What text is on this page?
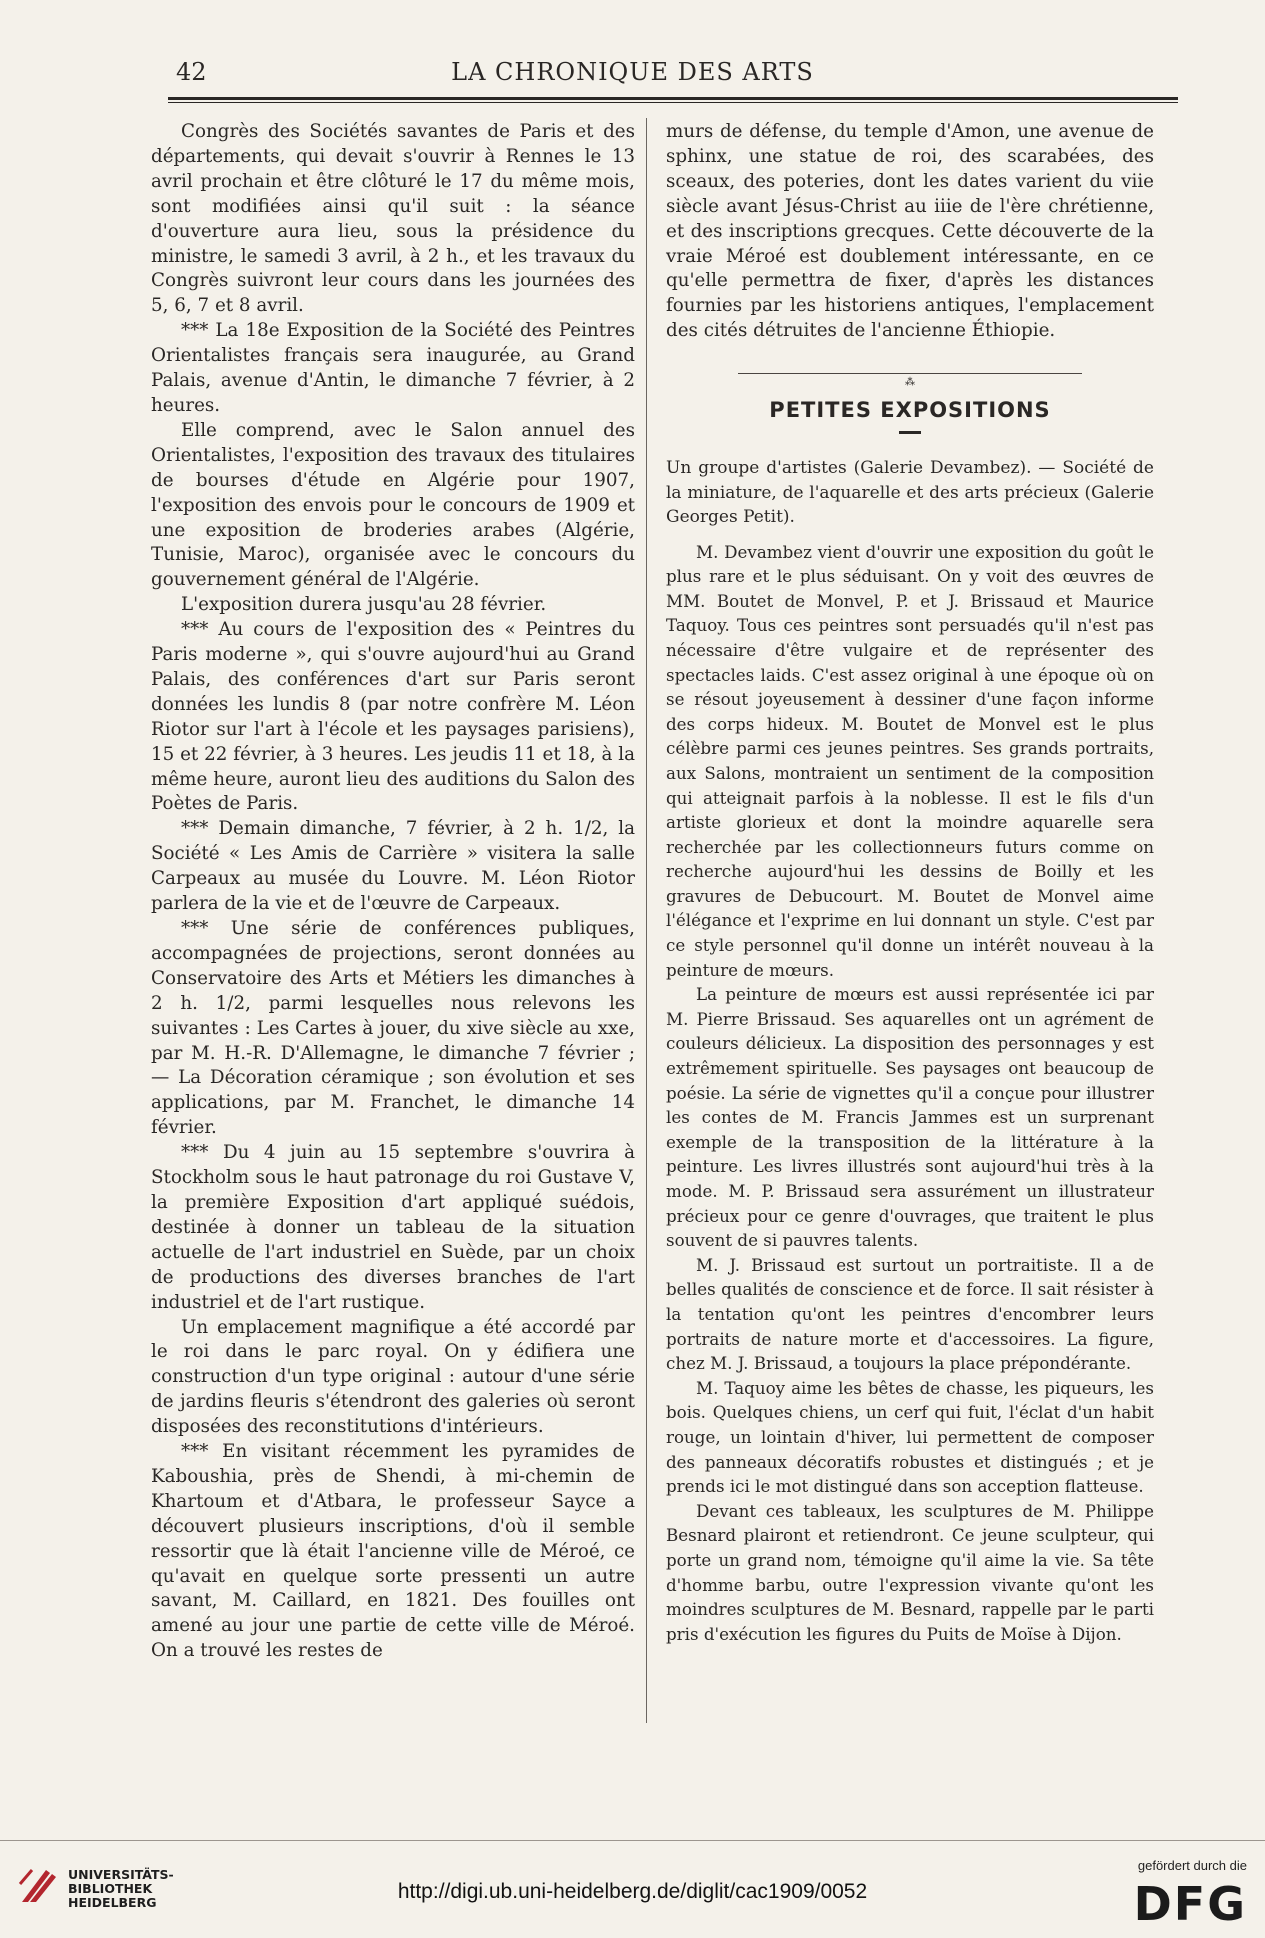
42	LA CHRONIQUE DES ARTS

Congrès des Sociétés savantes de Paris et des départements, qui devait s'ouvrir à Rennes le 13 avril prochain et être clôturé le 17 du même mois, sont modifiées ainsi qu'il suit : la séance d'ouverture aura lieu, sous la présidence du ministre, le samedi 3 avril, à 2 h., et les travaux du Congrès suivront leur cours dans les journées des 5, 6, 7 et 8 avril.

*** La 18e Exposition de la Société des Peintres Orientalistes français sera inaugurée, au Grand Palais, avenue d'Antin, le dimanche 7 février, à 2 heures.

Elle comprend, avec le Salon annuel des Orientalistes, l'exposition des travaux des titulaires de bourses d'étude en Algérie pour 1907, l'exposition des envois pour le concours de 1909 et une exposition de broderies arabes (Algérie, Tunisie, Maroc), organisée avec le concours du gouvernement général de l'Algérie.

L'exposition durera jusqu'au 28 février.

*** Au cours de l'exposition des « Peintres du Paris moderne », qui s'ouvre aujourd'hui au Grand Palais, des conférences d'art sur Paris seront données les lundis 8 (par notre confrère M. Léon Riotor sur l'art à l'école et les paysages parisiens), 15 et 22 février, à 3 heures. Les jeudis 11 et 18, à la même heure, auront lieu des auditions du Salon des Poètes de Paris.

*** Demain dimanche, 7 février, à 2 h. 1/2, la Société « Les Amis de Carrière » visitera la salle Carpeaux au musée du Louvre. M. Léon Riotor parlera de la vie et de l'œuvre de Carpeaux.

*** Une série de conférences publiques, accompagnées de projections, seront données au Conservatoire des Arts et Métiers les dimanches à 2 h. 1/2, parmi lesquelles nous relevons les suivantes : Les Cartes à jouer, du xive siècle au xxe, par M. H.-R. D'Allemagne, le dimanche 7 février ; — La Décoration céramique ; son évolution et ses applications, par M. Franchet, le dimanche 14 février.

*** Du 4 juin au 15 septembre s'ouvrira à Stockholm sous le haut patronage du roi Gustave V, la première Exposition d'art appliqué suédois, destinée à donner un tableau de la situation actuelle de l'art industriel en Suède, par un choix de productions des diverses branches de l'art industriel et de l'art rustique.

Un emplacement magnifique a été accordé par le roi dans le parc royal. On y édifiera une construction d'un type original : autour d'une série de jardins fleuris s'étendront des galeries où seront disposées des reconstitutions d'intérieurs.

*** En visitant récemment les pyramides de Kaboushia, près de Shendi, à mi-chemin de Khartoum et d'Atbara, le professeur Sayce a découvert plusieurs inscriptions, d'où il semble ressortir que là était l'ancienne ville de Méroé, ce qu'avait en quelque sorte pressenti un autre savant, M. Caillard, en 1821. Des fouilles ont amené au jour une partie de cette ville de Méroé. On a trouvé les restes de

murs de défense, du temple d'Amon, une avenue de sphinx, une statue de roi, des scarabées, des sceaux, des poteries, dont les dates varient du viie siècle avant Jésus-Christ au iiie de l'ère chrétienne, et des inscriptions grecques. Cette découverte de la vraie Méroé est doublement intéressante, en ce qu'elle permettra de fixer, d'après les distances fournies par les historiens antiques, l'emplacement des cités détruites de l'ancienne Éthiopie.

⁂
PETITES EXPOSITIONS

Un groupe d'artistes (Galerie Devambez). — Société de la miniature, de l'aquarelle et des arts précieux (Galerie Georges Petit).

M. Devambez vient d'ouvrir une exposition du goût le plus rare et le plus séduisant. On y voit des œuvres de MM. Boutet de Monvel, P. et J. Brissaud et Maurice Taquoy. Tous ces peintres sont persuadés qu'il n'est pas nécessaire d'être vulgaire et de représenter des spectacles laids. C'est assez original à une époque où on se résout joyeusement à dessiner d'une façon informe des corps hideux. M. Boutet de Monvel est le plus célèbre parmi ces jeunes peintres. Ses grands portraits, aux Salons, montraient un sentiment de la composition qui atteignait parfois à la noblesse. Il est le fils d'un artiste glorieux et dont la moindre aquarelle sera recherchée par les collectionneurs futurs comme on recherche aujourd'hui les dessins de Boilly et les gravures de Debucourt. M. Boutet de Monvel aime l'élégance et l'exprime en lui donnant un style. C'est par ce style personnel qu'il donne un intérêt nouveau à la peinture de mœurs.

La peinture de mœurs est aussi représentée ici par M. Pierre Brissaud. Ses aquarelles ont un agrément de couleurs délicieux. La disposition des personnages y est extrêmement spirituelle. Ses paysages ont beaucoup de poésie. La série de vignettes qu'il a conçue pour illustrer les contes de M. Francis Jammes est un surprenant exemple de la transposition de la littérature à la peinture. Les livres illustrés sont aujourd'hui très à la mode. M. P. Brissaud sera assurément un illustrateur précieux pour ce genre d'ouvrages, que traitent le plus souvent de si pauvres talents.

M. J. Brissaud est surtout un portraitiste. Il a de belles qualités de conscience et de force. Il sait résister à la tentation qu'ont les peintres d'encombrer leurs portraits de nature morte et d'accessoires. La figure, chez M. J. Brissaud, a toujours la place prépondérante.

M. Taquoy aime les bêtes de chasse, les piqueurs, les bois. Quelques chiens, un cerf qui fuit, l'éclat d'un habit rouge, un lointain d'hiver, lui permettent de composer des panneaux décoratifs robustes et distingués ; et je prends ici le mot distingué dans son acception flatteuse.

Devant ces tableaux, les sculptures de M. Philippe Besnard plairont et retiendront. Ce jeune sculpteur, qui porte un grand nom, témoigne qu'il aime la vie. Sa tête d'homme barbu, outre l'expression vivante qu'ont les moindres sculptures de M. Besnard, rappelle par le parti pris d'exécution les figures du Puits de Moïse à Dijon.

UNIVERSITÄTS-
BIBLIOTHEK
HEIDELBERG	http://digi.ub.uni-heidelberg.de/diglit/cac1909/0052
gefördert durch die
DFG
